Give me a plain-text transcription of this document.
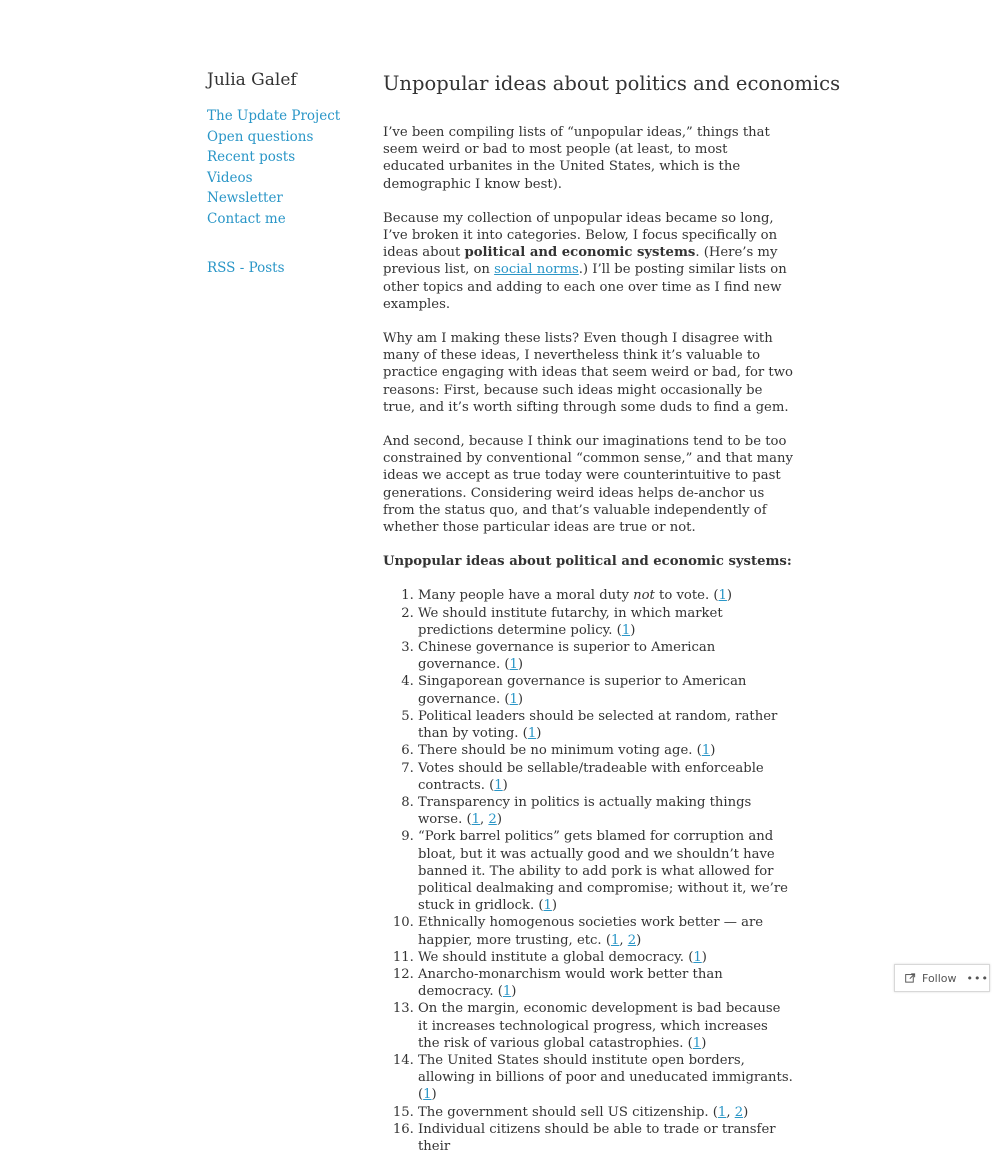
Julia Galef
The Update Project
Open questions
Recent posts
Videos
Newsletter
Contact me
RSS - Posts
Unpopular ideas about politics and economics

I’ve been compiling lists of “unpopular ideas,” things that seem weird or bad to most people (at least, to most educated urbanites in the United States, which is the demographic I know best).

Because my collection of unpopular ideas became so long, I’ve broken it into categories. Below, I focus specifically on ideas about political and economic systems. (Here’s my previous list, on social norms.) I’ll be posting similar lists on other topics and adding to each one over time as I find new examples.

Why am I making these lists? Even though I disagree with many of these ideas, I nevertheless think it’s valuable to practice engaging with ideas that seem weird or bad, for two reasons: First, because such ideas might occasionally be true, and it’s worth sifting through some duds to find a gem.

And second, because I think our imaginations tend to be too constrained by conventional “common sense,” and that many ideas we accept as true today were counterintuitive to past generations. Considering weird ideas helps de-anchor us from the status quo, and that’s valuable independently of whether those particular ideas are true or not.

Unpopular ideas about political and economic systems:

1. Many people have a moral duty not to vote. (1)
2. We should institute futarchy, in which market predictions determine policy. (1)
3. Chinese governance is superior to American governance. (1)
4. Singaporean governance is superior to American governance. (1)
5. Political leaders should be selected at random, rather than by voting. (1)
6. There should be no minimum voting age. (1)
7. Votes should be sellable/tradeable with enforceable contracts. (1)
8. Transparency in politics is actually making things worse. (1, 2)
9. “Pork barrel politics” gets blamed for corruption and bloat, but it was actually good and we shouldn’t have banned it. The ability to add pork is what allowed for political dealmaking and compromise; without it, we’re stuck in gridlock. (1)
10. Ethnically homogenous societies work better — are happier, more trusting, etc. (1, 2)
11. We should institute a global democracy. (1)
12. Anarcho-monarchism would work better than democracy. (1)
13. On the margin, economic development is bad because it increases technological progress, which increases the risk of various global catastrophies. (1)
14. The United States should institute open borders, allowing in billions of poor and uneducated immigrants. (1)
15. The government should sell US citizenship. (1, 2)
16. Individual citizens should be able to trade or transfer their
Follow •••
